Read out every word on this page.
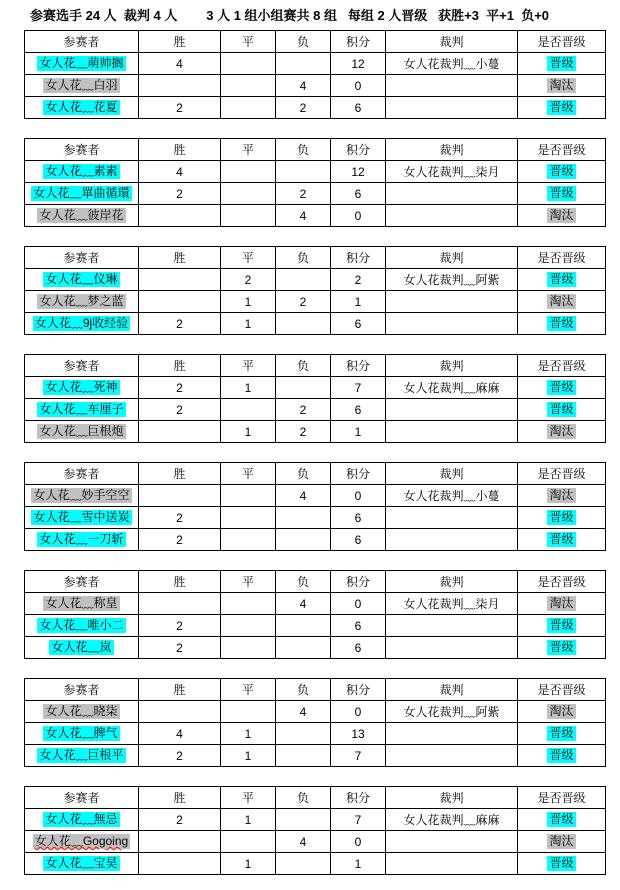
参赛选手 24 人  裁判 4 人        3 人 1 组小组赛共 8 组   每组 2 人晋级   获胜+3  平+1  负+0
参赛者	胜	平	负	积分	裁判	是否晋级
女人花﹏萌帅搁	4			12	女人花裁判﹏小蔓	晋级
女人花﹏白羽			4	0		淘汰
女人花﹏花夏	2		2	6		晋级
参赛者	胜	平	负	积分	裁判	是否晋级
女人花﹏素素	4			12	女人花裁判﹏柒月	晋级
女人花﹏單曲循環	2		2	6		晋级
女人花﹏彼岸花			4	0		淘汰
参赛者	胜	平	负	积分	裁判	是否晋级
女人花﹏仪琳		2		2	女人花裁判﹏阿紫	晋级
女人花﹏梦之蓝		1	2	1		淘汰
女人花﹏9j收经验	2	1		6		晋级
参赛者	胜	平	负	积分	裁判	是否晋级
女人花﹏死神	2	1		7	女人花裁判﹏麻麻	晋级
女人花﹏车厘子	2		2	6		晋级
女人花﹏巨根炮		1	2	1		淘汰
参赛者	胜	平	负	积分	裁判	是否晋级
女人花﹏妙手空空			4	0	女人花裁判﹏小蔓	淘汰
女人花﹏雪中送炭	2			6		晋级
女人花﹏一刀斩	2			6		晋级
参赛者	胜	平	负	积分	裁判	是否晋级
女人花﹏称皇			4	0	女人花裁判﹏柒月	淘汰
女人花﹏唯小二	2			6		晋级
女人花﹏岚	2			6		晋级
参赛者	胜	平	负	积分	裁判	是否晋级
女人花﹏晓柒			4	0	女人花裁判﹏阿紫	淘汰
女人花﹏脾气	4	1		13		晋级
女人花﹏巨根平	2	1		7		晋级
参赛者	胜	平	负	积分	裁判	是否晋级
女人花﹏無忌	2	1		7	女人花裁判﹏麻麻	晋级
女人花﹏Gogoing			4	0		淘汰
女人花﹏宝昊		1		1		晋级
